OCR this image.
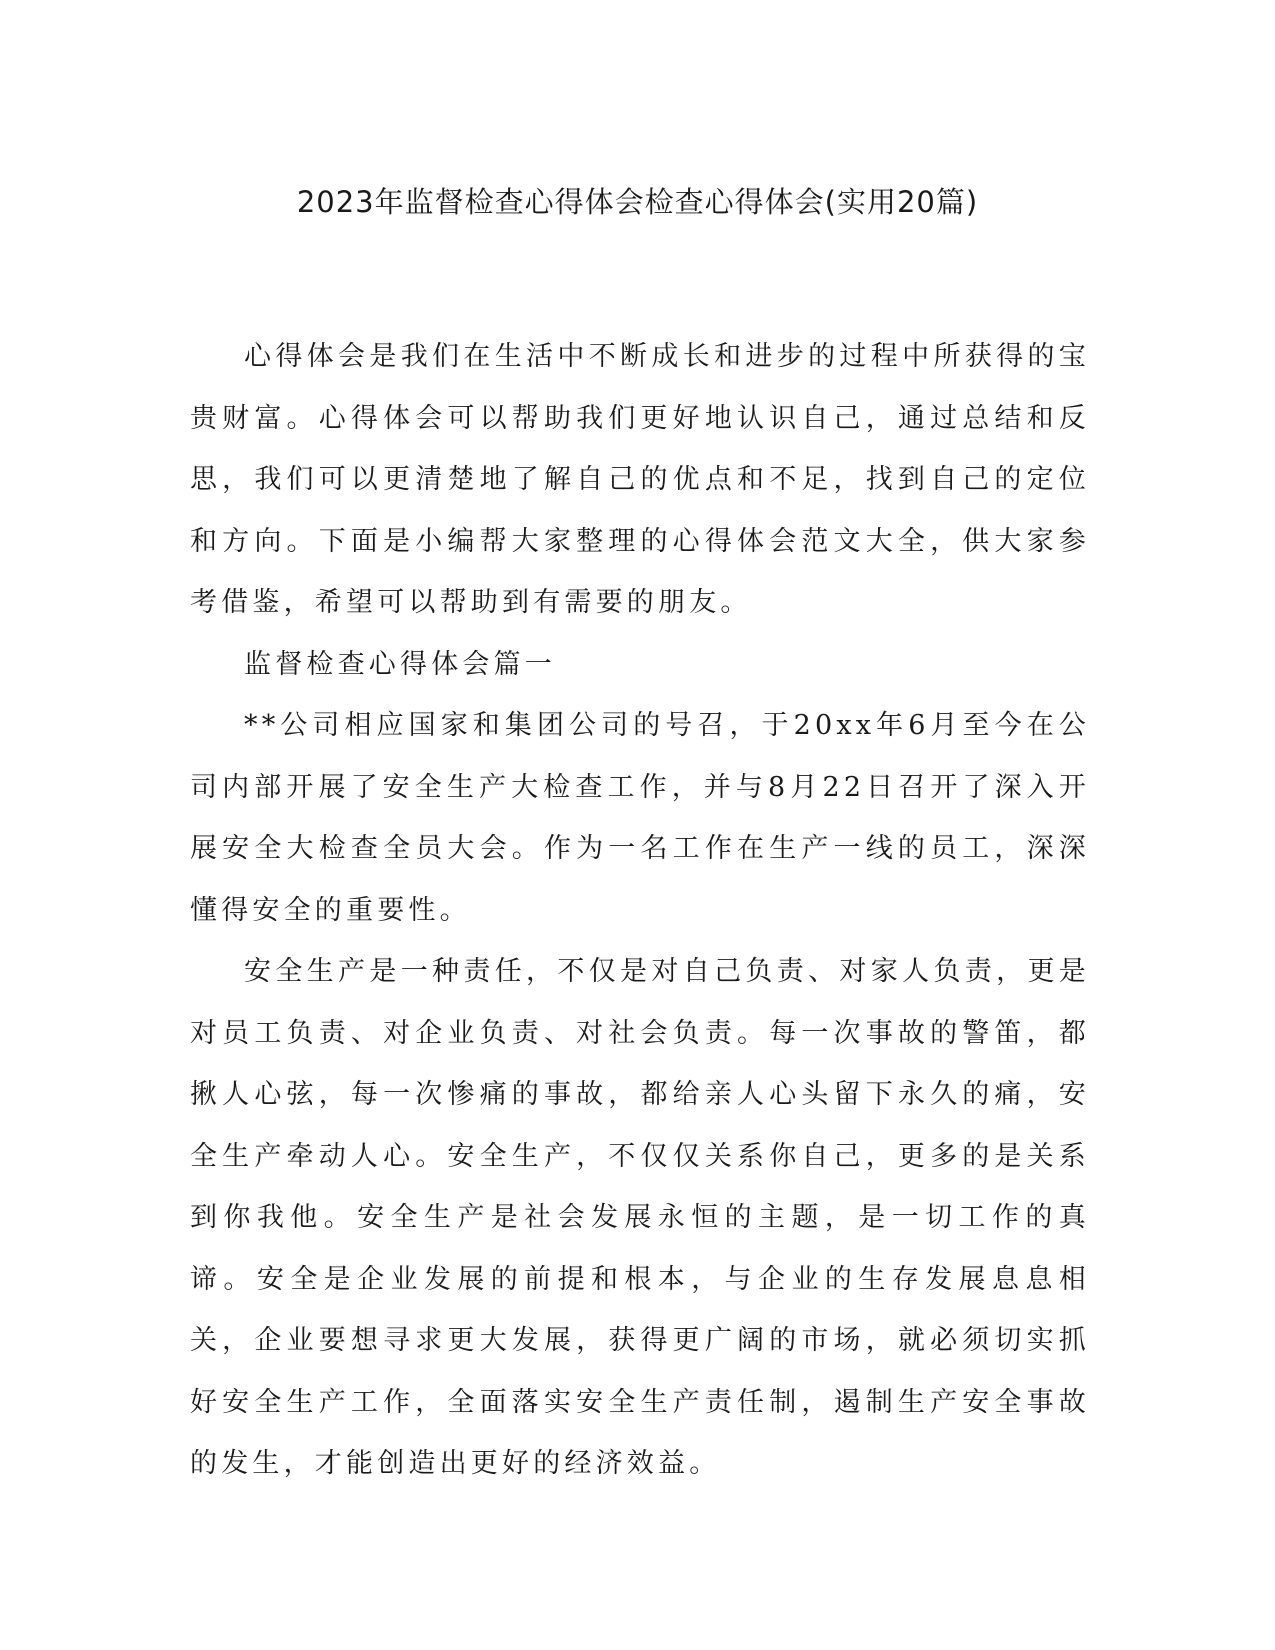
2023年监督检查心得体会检查心得体会(实用20篇)

心得体会是我们在生活中不断成长和进步的过程中所获得的宝贵财富。心得体会可以帮助我们更好地认识自己，通过总结和反思，我们可以更清楚地了解自己的优点和不足，找到自己的定位和方向。下面是小编帮大家整理的心得体会范文大全，供大家参考借鉴，希望可以帮助到有需要的朋友。

监督检查心得体会篇一

**公司相应国家和集团公司的号召，于20xx年6月至今在公司内部开展了安全生产大检查工作，并与8月22日召开了深入开展安全大检查全员大会。作为一名工作在生产一线的员工，深深懂得安全的重要性。

安全生产是一种责任，不仅是对自己负责、对家人负责，更是对员工负责、对企业负责、对社会负责。每一次事故的警笛，都揪人心弦，每一次惨痛的事故，都给亲人心头留下永久的痛，安全生产牵动人心。安全生产，不仅仅关系你自己，更多的是关系到你我他。安全生产是社会发展永恒的主题，是一切工作的真谛。安全是企业发展的前提和根本，与企业的生存发展息息相关，企业要想寻求更大发展，获得更广阔的市场，就必须切实抓好安全生产工作，全面落实安全生产责任制，遏制生产安全事故的发生，才能创造出更好的经济效益。
